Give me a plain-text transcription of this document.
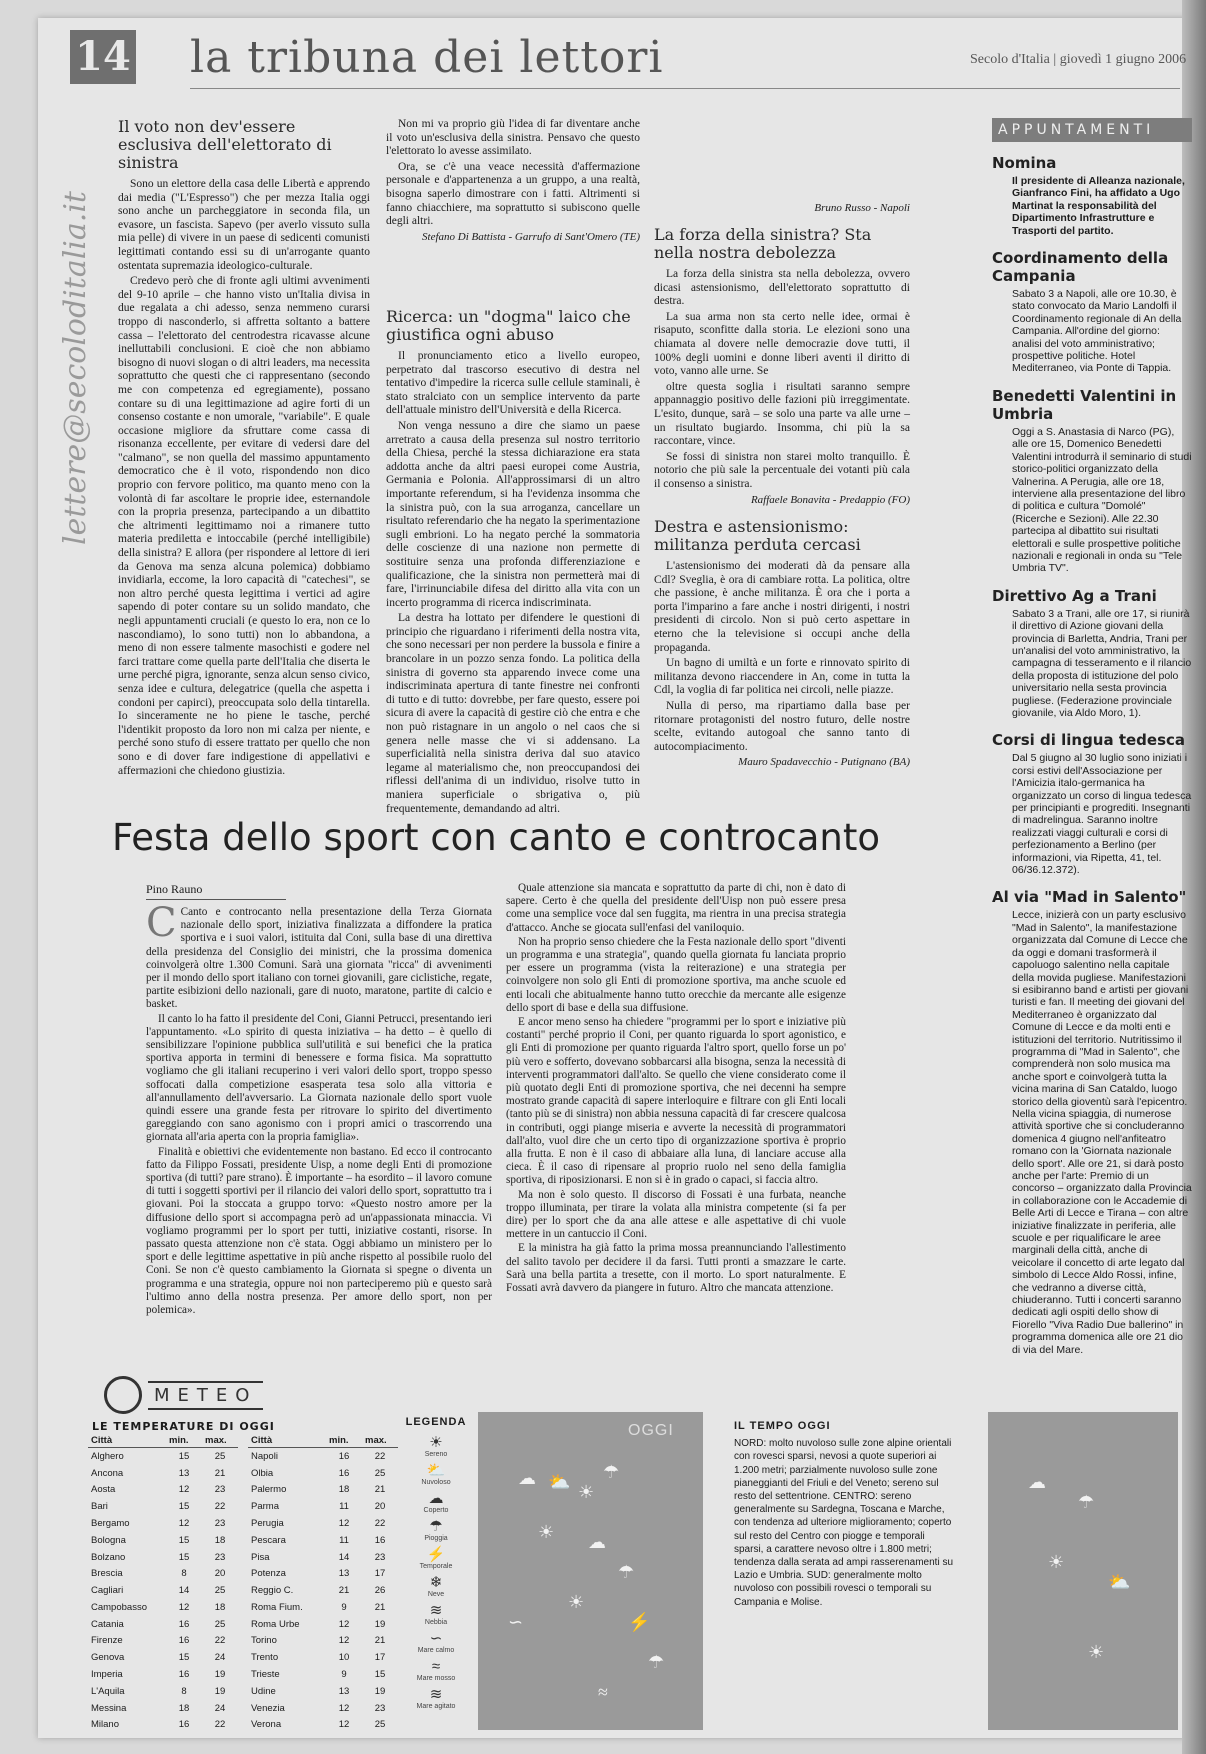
14 la tribuna dei lettori	Secolo d'Italia | giovedì 1 giugno 2006
lettere@secoloditalia.it
Il voto non dev'essere esclusiva dell'elettorato di sinistra

Sono un elettore della casa delle Libertà e apprendo dai media ("L'Espresso") che per mezza Italia oggi sono anche un parcheggiatore in seconda fila, un evasore, un fascista. Sapevo (per averlo vissuto sulla mia pelle) di vivere in un paese di sedicenti comunisti legittimati contando essi su di un'arrogante quanto ostentata supremazia ideologico-culturale.

Credevo però che di fronte agli ultimi avvenimenti del 9-10 aprile – che hanno visto un'Italia divisa in due regalata a chi adesso, senza nemmeno curarsi troppo di nasconderlo, si affretta soltanto a battere cassa – l'elettorato del centrodestra ricavasse alcune inelluttabili conclusioni. E cioè che non abbiamo bisogno di nuovi slogan o di altri leaders, ma necessita soprattutto che questi che ci rappresentano (secondo me con competenza ed egregiamente), possano contare su di una legittimazione ad agire forti di un consenso costante e non umorale, "variabile". E quale occasione migliore da sfruttare come cassa di risonanza eccellente, per evitare di vedersi dare del "calmano", se non quella del massimo appuntamento democratico che è il voto, rispondendo non dico proprio con fervore politico, ma quanto meno con la volontà di far ascoltare le proprie idee, esternandole con la propria presenza, partecipando a un dibattito che altrimenti legittimamo noi a rimanere tutto materia prediletta e intoccabile (perché intelligibile) della sinistra? E allora (per rispondere al lettore di ieri da Genova ma senza alcuna polemica) dobbiamo invidiarla, eccome, la loro capacità di "catechesi", se non altro perché questa legittima i vertici ad agire sapendo di poter contare su un solido mandato, che negli appuntamenti cruciali (e questo lo era, non ce lo nascondiamo), lo sono tutti) non lo abbandona, a meno di non essere talmente masochisti e godere nel farci trattare come quella parte dell'Italia che diserta le urne perché pigra, ignorante, senza alcun senso civico, senza idee e cultura, delegatrice (quella che aspetta i condoni per capirci), preoccupata solo della tintarella. Io sinceramente ne ho piene le tasche, perché l'identikit proposto da loro non mi calza per niente, e perché sono stufo di essere trattato per quello che non sono e di dover fare indigestione di appellativi e affermazioni che chiedono giustizia.

Non mi va proprio giù l'idea di far diventare anche il voto un'esclusiva della sinistra. Pensavo che questo l'elettorato lo avesse assimilato.

Ora, se c'è una veace necessità d'affermazione personale e d'appartenenza a un gruppo, a una realtà, bisogna saperlo dimostrare con i fatti. Altrimenti si fanno chiacchiere, ma soprattutto si subiscono quelle degli altri.

Stefano Di Battista - Garrufo di Sant'Omero (TE)
Ricerca: un "dogma" laico che giustifica ogni abuso

Il pronunciamento etico a livello europeo, perpetrato dal trascorso esecutivo di destra nel tentativo d'impedire la ricerca sulle cellule staminali, è stato stralciato con un semplice intervento da parte dell'attuale ministro dell'Università e della Ricerca.

Non venga nessuno a dire che siamo un paese arretrato a causa della presenza sul nostro territorio della Chiesa, perché la stessa dichiarazione era stata addotta anche da altri paesi europei come Austria, Germania e Polonia. All'approssimarsi di un altro importante referendum, si ha l'evidenza insomma che la sinistra può, con la sua arroganza, cancellare un risultato referendario che ha negato la sperimentazione sugli embrioni. Lo ha negato perché la sommatoria delle coscienze di una nazione non permette di sostituire senza una profonda differenziazione e qualificazione, che la sinistra non permetterà mai di fare, l'irrinunciabile difesa del diritto alla vita con un incerto programma di ricerca indiscriminata.

La destra ha lottato per difendere le questioni di principio che riguardano i riferimenti della nostra vita, che sono necessari per non perdere la bussola e finire a brancolare in un pozzo senza fondo. La politica della sinistra di governo sta apparendo invece come una indiscriminata apertura di tante finestre nei confronti di tutto e di tutto: dovrebbe, per fare questo, essere poi sicura di avere la capacità di gestire ciò che entra e che non può ristagnare in un angolo o nel caos che si genera nelle masse che vi si addensano. La superficialità nella sinistra deriva dal suo atavico legame al materialismo che, non preoccupandosi dei riflessi dell'anima di un individuo, risolve tutto in maniera superficiale o sbrigativa o, più frequentemente, demandando ad altri.

Bruno Russo - Napoli
La forza della sinistra? Sta nella nostra debolezza

La forza della sinistra sta nella debolezza, ovvero dicasi astensionismo, dell'elettorato soprattutto di destra.

La sua arma non sta certo nelle idee, ormai è risaputo, sconfitte dalla storia. Le elezioni sono una chiamata al dovere nelle democrazie dove tutti, il 100% degli uomini e donne liberi aventi il diritto di voto, vanno alle urne. Se

oltre questa soglia i risultati saranno sempre appannaggio positivo delle fazioni più irreggimentate. L'esito, dunque, sarà – se solo una parte va alle urne – un risultato bugiardo. Insomma, chi più la sa raccontare, vince.

Se fossi di sinistra non starei molto tranquillo. È notorio che più sale la percentuale dei votanti più cala il consenso a sinistra.

Raffaele Bonavita - Predappio (FO)
Destra e astensionismo: militanza perduta cercasi

L'astensionismo dei moderati dà da pensare alla Cdl? Sveglia, è ora di cambiare rotta. La politica, oltre che passione, è anche militanza. È ora che i porta a porta l'imparino a fare anche i nostri dirigenti, i nostri presidenti di circolo. Non si può certo aspettare in eterno che la televisione si occupi anche della propaganda.

Un bagno di umiltà e un forte e rinnovato spirito di militanza devono riaccendere in An, come in tutta la Cdl, la voglia di far politica nei circoli, nelle piazze.

Nulla di perso, ma ripartiamo dalla base per ritornare protagonisti del nostro futuro, delle nostre scelte, evitando autogoal che sanno tanto di autocompiacimento.

Mauro Spadavecchio - Putignano (BA)
APPUNTAMENTI
Nomina

Il presidente di Alleanza nazionale, Gianfranco Fini, ha affidato a Ugo Martinat la responsabilità del Dipartimento Infrastrutture e Trasporti del partito.

Coordinamento della Campania

Sabato 3 a Napoli, alle ore 10.30, è stato convocato da Mario Landolfi il Coordinamento regionale di An della Campania. All'ordine del giorno: analisi del voto amministrativo; prospettive politiche. Hotel Mediterraneo, via Ponte di Tappia.

Benedetti Valentini in Umbria

Oggi a S. Anastasia di Narco (PG), alle ore 15, Domenico Benedetti Valentini introdurrà il seminario di studi storico-politici organizzato della Valnerina. A Perugia, alle ore 18, interviene alla presentazione del libro di politica e cultura "Domolé" (Ricerche e Sezioni). Alle 22.30 partecipa al dibattito sui risultati elettorali e sulle prospettive politiche nazionali e regionali in onda su "Tele Umbria TV".

Direttivo Ag a Trani

Sabato 3 a Trani, alle ore 17, si riunirà il direttivo di Azione giovani della provincia di Barletta, Andria, Trani per un'analisi del voto amministrativo, la campagna di tesseramento e il rilancio della proposta di istituzione del polo universitario nella sesta provincia pugliese. (Federazione provinciale giovanile, via Aldo Moro, 1).

Corsi di lingua tedesca

Dal 5 giugno al 30 luglio sono iniziati i corsi estivi dell'Associazione per l'Amicizia italo-germanica ha organizzato un corso di lingua tedesca per principianti e progrediti. Insegnanti di madrelingua. Saranno inoltre realizzati viaggi culturali e corsi di perfezionamento a Berlino (per informazioni, via Ripetta, 41, tel. 06/36.12.372).

Al via "Mad in Salento"

Lecce, inizierà con un party esclusivo "Mad in Salento", la manifestazione organizzata dal Comune di Lecce che da oggi e domani trasformerà il capoluogo salentino nella capitale della movida pugliese. Manifestazioni si esibiranno band e artisti per giovani turisti e fan. Il meeting dei giovani del Mediterraneo è organizzato dal Comune di Lecce e da molti enti e istituzioni del territorio. Nutritissimo il programma di "Mad in Salento", che comprenderà non solo musica ma anche sport e coinvolgerà tutta la vicina marina di San Cataldo, luogo storico della gioventù sarà l'epicentro. Nella vicina spiaggia, di numerose attività sportive che si concluderanno domenica 4 giugno nell'anfiteatro romano con la 'Giornata nazionale dello sport'. Alle ore 21, si darà posto anche per l'arte: Premio di un concorso – organizzato dalla Provincia in collaborazione con le Accademie di Belle Arti di Lecce e Tirana – con altre iniziative finalizzate in periferia, alle scuole e per riqualificare le aree marginali della città, anche di veicolare il concetto di arte legato dal simbolo di Lecce Aldo Rossi, infine, che vedranno a diverse città, chiuderanno. Tutti i concerti saranno dedicati agli ospiti dello show di Fiorello "Viva Radio Due ballerino" in programma domenica alle ore 21 dio di via del Mare.

Festa dello sport con canto e controcanto
Pino Rauno
C Canto e controcanto nella presentazione della Terza Giornata nazionale dello sport, iniziativa finalizzata a diffondere la pratica sportiva e i suoi valori, istituita dal Coni, sulla base di una direttiva della presidenza del Consiglio dei ministri, che la prossima domenica coinvolgerà oltre 1.300 Comuni. Sarà una giornata "ricca" di avvenimenti per il mondo dello sport italiano con tornei giovanili, gare ciclistiche, regate, partite esibizioni dello nazionali, gare di nuoto, maratone, partite di calcio e basket.

Il canto lo ha fatto il presidente del Coni, Gianni Petrucci, presentando ieri l'appuntamento. «Lo spirito di questa iniziativa – ha detto – è quello di sensibilizzare l'opinione pubblica sull'utilità e sui benefici che la pratica sportiva apporta in termini di benessere e forma fisica. Ma soprattutto vogliamo che gli italiani recuperino i veri valori dello sport, troppo spesso soffocati dalla competizione esasperata tesa solo alla vittoria e all'annullamento dell'avversario. La Giornata nazionale dello sport vuole quindi essere una grande festa per ritrovare lo spirito del divertimento gareggiando con sano agonismo con i propri amici o trascorrendo una giornata all'aria aperta con la propria famiglia».

Finalità e obiettivi che evidentemente non bastano. Ed ecco il controcanto fatto da Filippo Fossati, presidente Uisp, a nome degli Enti di promozione sportiva (di tutti? pare strano). È importante – ha esordito – il lavoro comune di tutti i soggetti sportivi per il rilancio dei valori dello sport, soprattutto tra i giovani. Poi la stoccata a gruppo torvo: «Questo nostro amore per la diffusione dello sport si accompagna però ad un'appassionata minaccia. Vi vogliamo programmi per lo sport per tutti, iniziative costanti, risorse. In passato questa attenzione non c'è stata. Oggi abbiamo un ministero per lo sport e delle legittime aspettative in più anche rispetto al possibile ruolo del Coni. Se non c'è questo cambiamento la Giornata si spegne o diventa un programma e una strategia, oppure noi non parteciperemo più e questo sarà l'ultimo anno della nostra presenza. Per amore dello sport, non per polemica».

Quale attenzione sia mancata e soprattutto da parte di chi, non è dato di sapere. Certo è che quella del presidente dell'Uisp non può essere presa come una semplice voce dal sen fuggita, ma rientra in una precisa strategia d'attacco. Anche se giocata sull'enfasi del vaniloquio.

Non ha proprio senso chiedere che la Festa nazionale dello sport "diventi un programma e una strategia", quando quella giornata fu lanciata proprio per essere un programma (vista la reiterazione) e una strategia per coinvolgere non solo gli Enti di promozione sportiva, ma anche scuole ed enti locali che abitualmente hanno tutto orecchie da mercante alle esigenze dello sport di base e della sua diffusione.

E ancor meno senso ha chiedere "programmi per lo sport e iniziative più costanti" perché proprio il Coni, per quanto riguarda lo sport agonistico, e gli Enti di promozione per quanto riguarda l'altro sport, quello forse un po' più vero e sofferto, dovevano sobbarcarsi alla bisogna, senza la necessità di interventi programmatori dall'alto. Se quello che viene considerato come il più quotato degli Enti di promozione sportiva, che nei decenni ha sempre mostrato grande capacità di sapere interloquire e filtrare con gli Enti locali (tanto più se di sinistra) non abbia nessuna capacità di far crescere qualcosa in contributi, oggi piange miseria e avverte la necessità di programmatori dall'alto, vuol dire che un certo tipo di organizzazione sportiva è proprio alla frutta. E non è il caso di abbaiare alla luna, di lanciare accuse alla cieca. È il caso di ripensare al proprio ruolo nel seno della famiglia sportiva, di riposizionarsi. E non si è in grado o capaci, si faccia altro.

Ma non è solo questo. Il discorso di Fossati è una furbata, neanche troppo illuminata, per tirare la volata alla ministra competente (si fa per dire) per lo sport che da ana alle attese e alle aspettative di chi vuole mettere in un cantuccio il Coni.

E la ministra ha già fatto la prima mossa preannunciando l'allestimento del salito tavolo per decidere il da farsi. Tutti pronti a smazzare le carte. Sarà una bella partita a tresette, con il morto. Lo sport naturalmente. E Fossati avrà davvero da piangere in futuro. Altro che mancata attenzione.

METEO
LE TEMPERATURE DI OGGI
Città	min.	max.
Alghero	15	25
Ancona	13	21
Aosta	12	23
Bari	15	22
Bergamo	12	23
Bologna	15	18
Bolzano	15	23
Brescia	8	20
Cagliari	14	25
Campobasso	12	18
Catania	16	25
Firenze	16	22
Genova	15	24
Imperia	16	19
L'Aquila	8	19
Messina	18	24
Milano	16	22
Città	min.	max.
Napoli	16	22
Olbia	16	25
Palermo	18	21
Parma	11	20
Perugia	12	22
Pescara	11	16
Pisa	14	23
Potenza	13	17
Reggio C.	21	26
Roma Fium.	9	21
Roma Urbe	12	19
Torino	12	21
Trento	10	17
Trieste	9	15
Udine	13	19
Venezia	12	23
Verona	12	25
LEGENDA
☀
Sereno
⛅
Nuvoloso
☁
Coperto
☂
Pioggia
⚡
Temporale
❄
Neve
≋
Nebbia
∽
Mare calmo
≈
Mare mosso
≋
Mare agitato
OGGI
☁ ⛅ ☀
☂
☀ ☁
☂
☀
⚡
☂
∽
≈
IL TEMPO OGGI

NORD: molto nuvoloso sulle zone alpine orientali con rovesci sparsi, nevosi a quote superiori ai 1.200 metri; parzialmente nuvoloso sulle zone pianeggianti del Friuli e del Veneto; sereno sul resto del settentrione. CENTRO: sereno generalmente su Sardegna, Toscana e Marche, con tendenza ad ulteriore miglioramento; coperto sul resto del Centro con piogge e temporali sparsi, a carattere nevoso oltre i 1.800 metri; tendenza dalla serata ad ampi rasserenamenti su Lazio e Umbria. SUD: generalmente molto nuvoloso con possibili rovesci o temporali su Campania e Molise.

☁
☂
☀
⛅
☀
